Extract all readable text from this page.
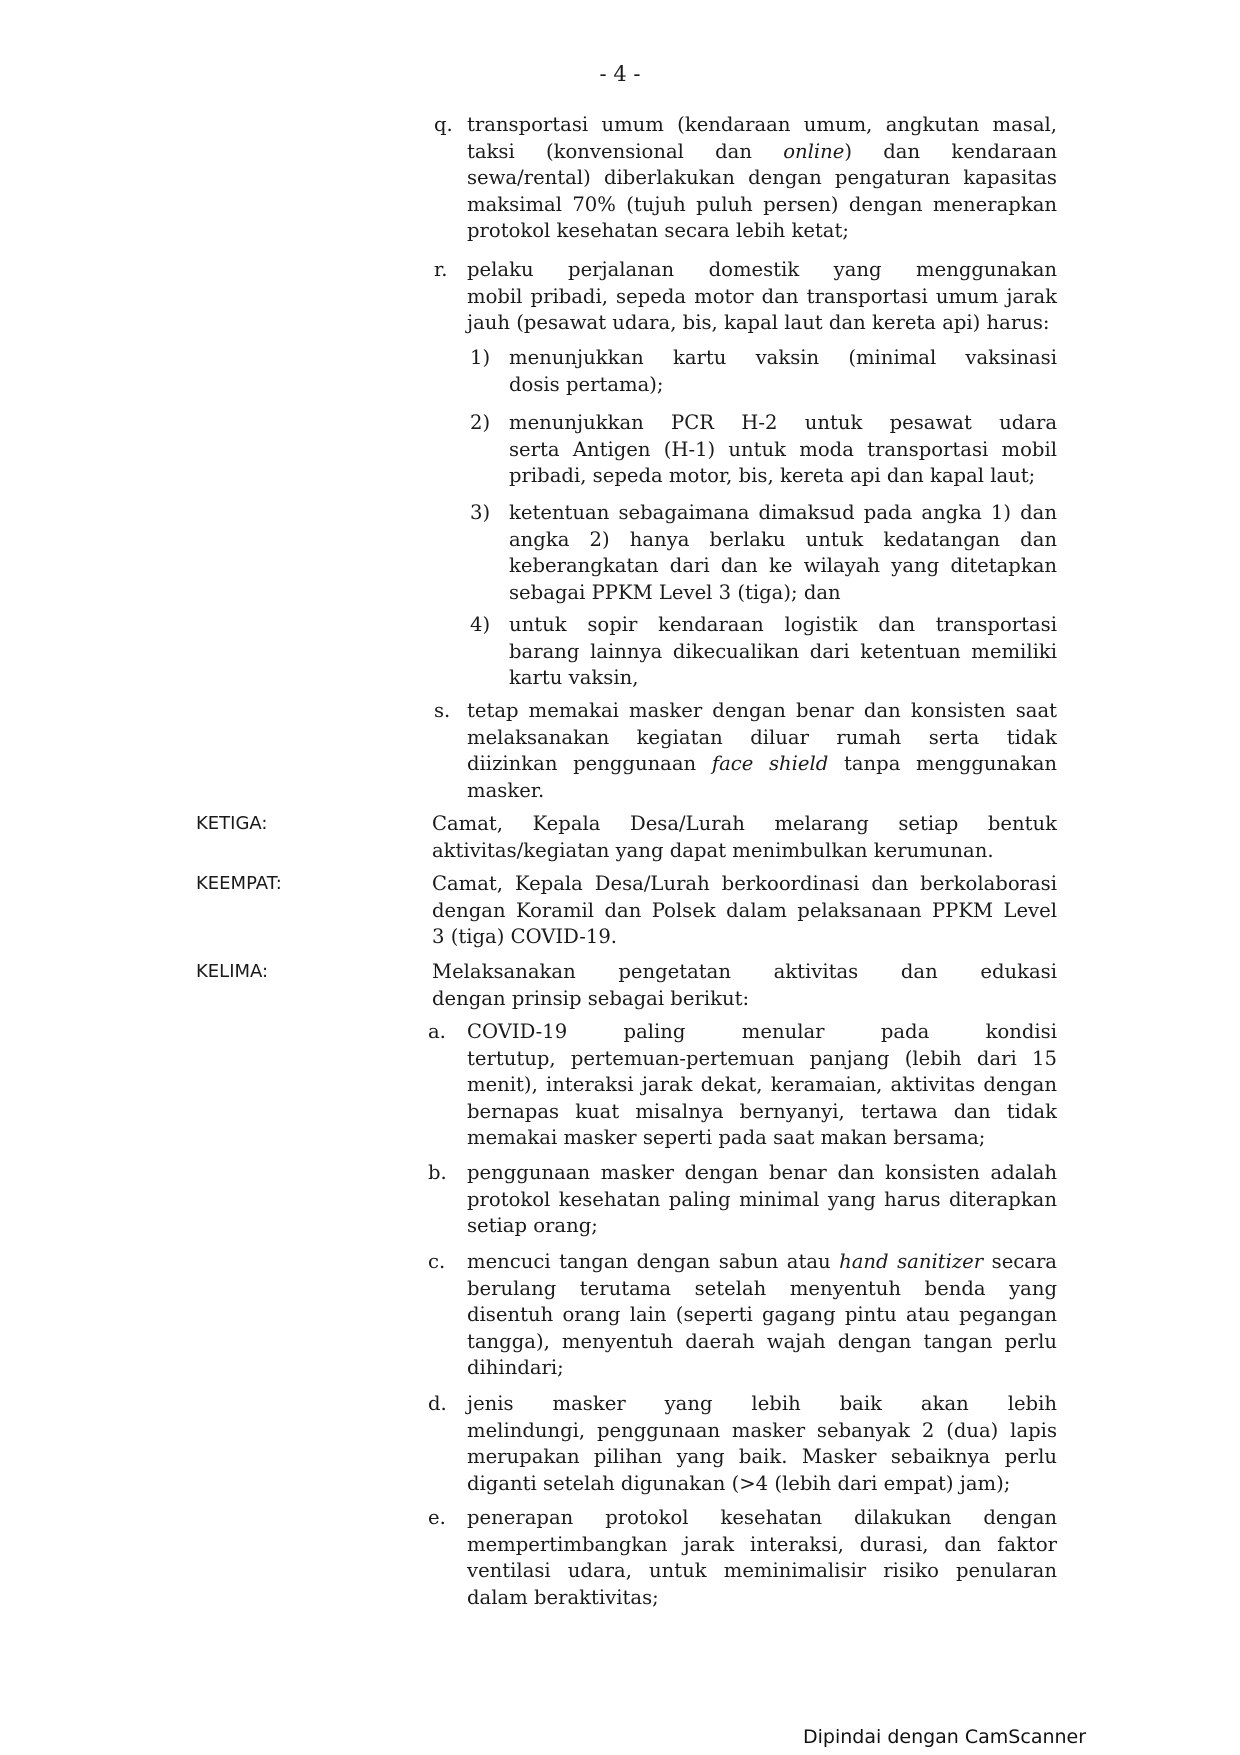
- 4 -
q. transportasi umum (kendaraan umum, angkutan masal,
taksi (konvensional dan online) dan kendaraan
sewa/rental) diberlakukan dengan pengaturan kapasitas
maksimal 70% (tujuh puluh persen) dengan menerapkan
protokol kesehatan secara lebih ketat;
r. pelaku perjalanan domestik yang menggunakan
mobil pribadi, sepeda motor dan transportasi umum jarak
jauh (pesawat udara, bis, kapal laut dan kereta api) harus:
1) menunjukkan kartu vaksin (minimal vaksinasi
dosis pertama);
2) menunjukkan PCR H-2 untuk pesawat udara
serta Antigen (H-1) untuk moda transportasi mobil
pribadi, sepeda motor, bis, kereta api dan kapal laut;
3) ketentuan sebagaimana dimaksud pada angka 1) dan
angka 2) hanya berlaku untuk kedatangan dan
keberangkatan dari dan ke wilayah yang ditetapkan
sebagai PPKM Level 3 (tiga); dan
4) untuk sopir kendaraan logistik dan transportasi
barang lainnya dikecualikan dari ketentuan memiliki
kartu vaksin,
s. tetap memakai masker dengan benar dan konsisten saat
melaksanakan kegiatan diluar rumah serta tidak
diizinkan penggunaan face shield tanpa menggunakan
masker.
KETIGA:	Camat, Kepala Desa/Lurah melarang setiap bentuk
aktivitas/kegiatan yang dapat menimbulkan kerumunan.
KEEMPAT:	Camat, Kepala Desa/Lurah berkoordinasi dan berkolaborasi
dengan Koramil dan Polsek dalam pelaksanaan PPKM Level
3 (tiga) COVID-19.
KELIMA:	Melaksanakan pengetatan aktivitas dan edukasi
dengan prinsip sebagai berikut:
a. COVID-19 paling menular pada kondisi
tertutup, pertemuan-pertemuan panjang (lebih dari 15
menit), interaksi jarak dekat, keramaian, aktivitas dengan
bernapas kuat misalnya bernyanyi, tertawa dan tidak
memakai masker seperti pada saat makan bersama;
b. penggunaan masker dengan benar dan konsisten adalah
protokol kesehatan paling minimal yang harus diterapkan
setiap orang;
c. mencuci tangan dengan sabun atau hand sanitizer secara
berulang terutama setelah menyentuh benda yang
disentuh orang lain (seperti gagang pintu atau pegangan
tangga), menyentuh daerah wajah dengan tangan perlu
dihindari;
d. jenis masker yang lebih baik akan lebih
melindungi, penggunaan masker sebanyak 2 (dua) lapis
merupakan pilihan yang baik. Masker sebaiknya perlu
diganti setelah digunakan (>4 (lebih dari empat) jam);
e. penerapan protokol kesehatan dilakukan dengan
mempertimbangkan jarak interaksi, durasi, dan faktor
ventilasi udara, untuk meminimalisir risiko penularan
dalam beraktivitas;
Dipindai dengan CamScanner
